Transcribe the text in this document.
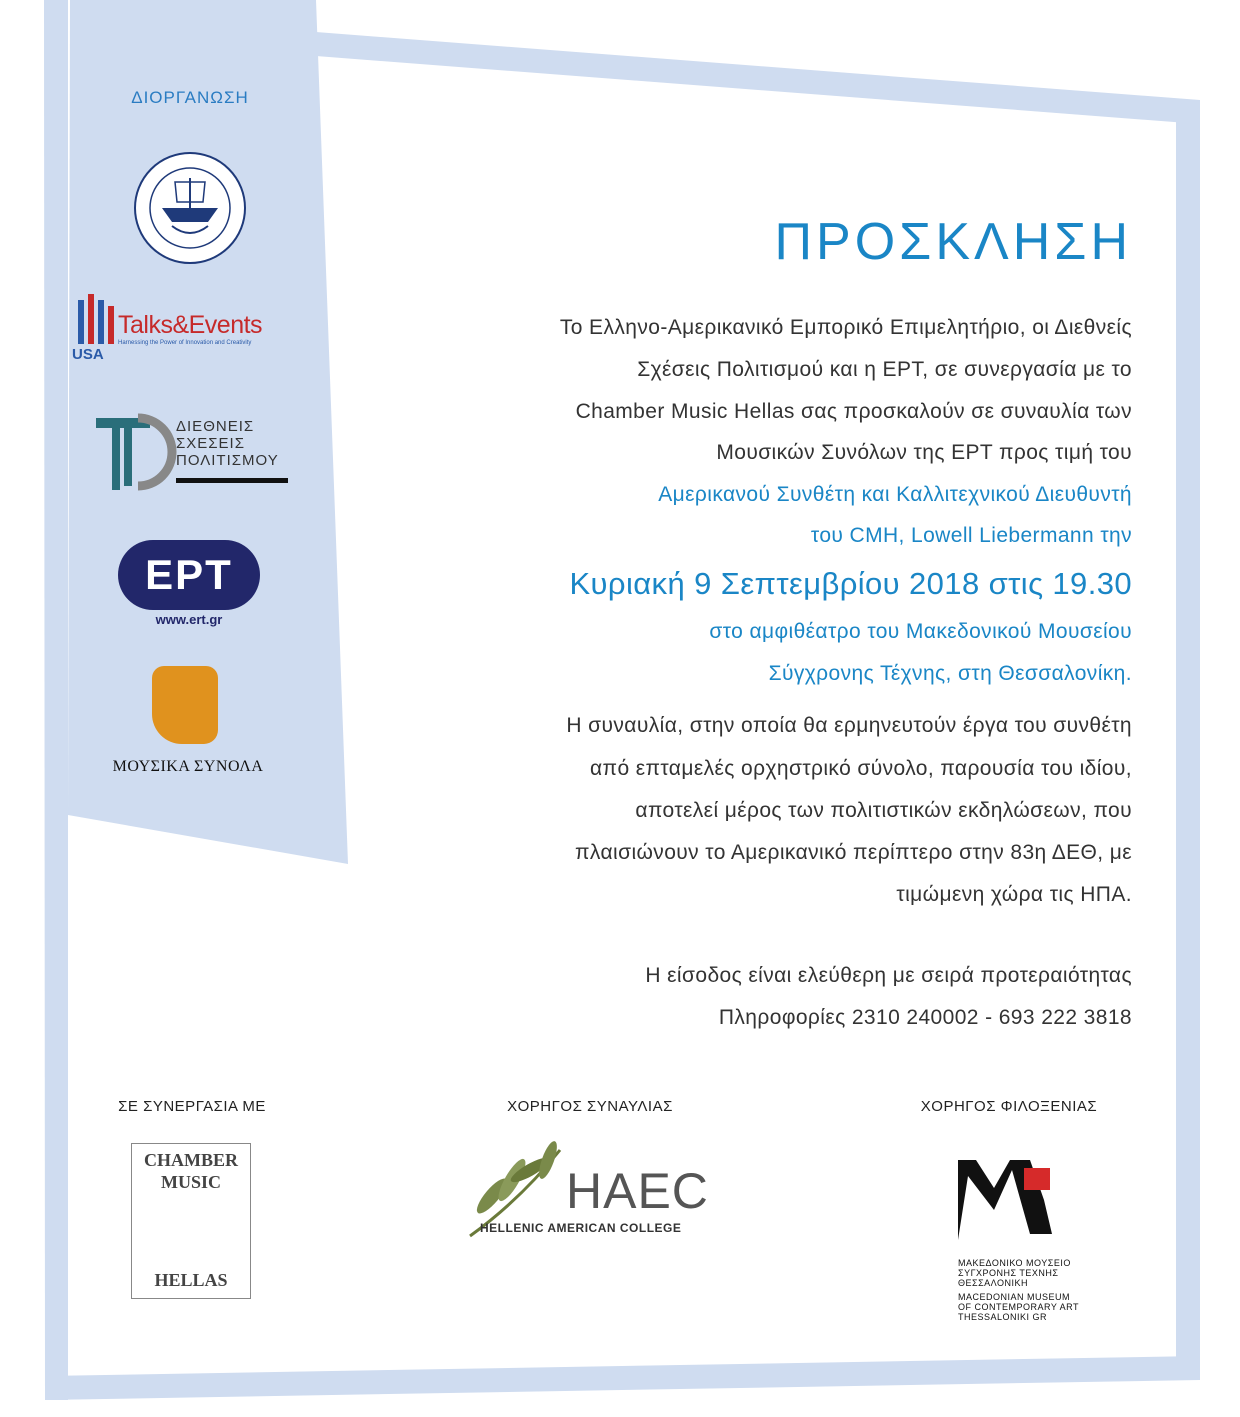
ΔΙΟΡΓΑΝΩΣΗ
Talks&Events
Harnessing the Power of Innovation and Creativity
USA
ΔΙΕΘΝΕΙΣ
ΣΧΕΣΕΙΣ
ΠΟΛΙΤΙΣΜΟΥ
ΕΡΤ
www.ert.gr
ΜΟΥΣΙΚΑ ΣΥΝΟΛΑ
ΠΡΟΣΚΛΗΣΗ
Το Ελληνο-Αμερικανικό Εμπορικό Επιμελητήριο, οι Διεθνείς
Σχέσεις Πολιτισμού και η ΕΡΤ, σε συνεργασία με το
Chamber Music Hellas σας προσκαλούν σε συναυλία των
Μουσικών Συνόλων της ΕΡΤ προς τιμή του
Αμερικανού Συνθέτη και Καλλιτεχνικού Διευθυντή
του CMH, Lowell Liebermann την
Κυριακή 9 Σεπτεμβρίου 2018 στις 19.30
στο αμφιθέατρο του Μακεδονικού Μουσείου
Σύγχρονης Τέχνης, στη Θεσσαλονίκη.
Η συναυλία, στην οποία θα ερμηνευτούν έργα του συνθέτη
από επταμελές ορχηστρικό σύνολο, παρουσία του ιδίου,
αποτελεί μέρος των πολιτιστικών εκδηλώσεων, που
πλαισιώνουν το Αμερικανικό περίπτερο στην 83η ΔΕΘ, με
τιμώμενη χώρα τις ΗΠΑ.
Η είσοδος είναι ελεύθερη με σειρά προτεραιότητας
Πληροφορίες 2310 240002 - 693 222 3818
ΣΕ ΣΥΝΕΡΓΑΣΙΑ ΜΕ	ΧΟΡΗΓΟΣ ΣΥΝΑΥΛΙΑΣ	ΧΟΡΗΓΟΣ ΦΙΛΟΞΕΝΙΑΣ
CHAMBER
MUSIC
HELLAS
HAEC
HELLENIC AMERICAN COLLEGE
ΜΑΚΕΔΟΝΙΚΟ ΜΟΥΣΕΙΟ
ΣΥΓΧΡΟΝΗΣ ΤΕΧΝΗΣ
ΘΕΣΣΑΛΟΝΙΚΗ
MACEDONIAN MUSEUM
OF CONTEMPORARY ART
THESSALONIKI GR
